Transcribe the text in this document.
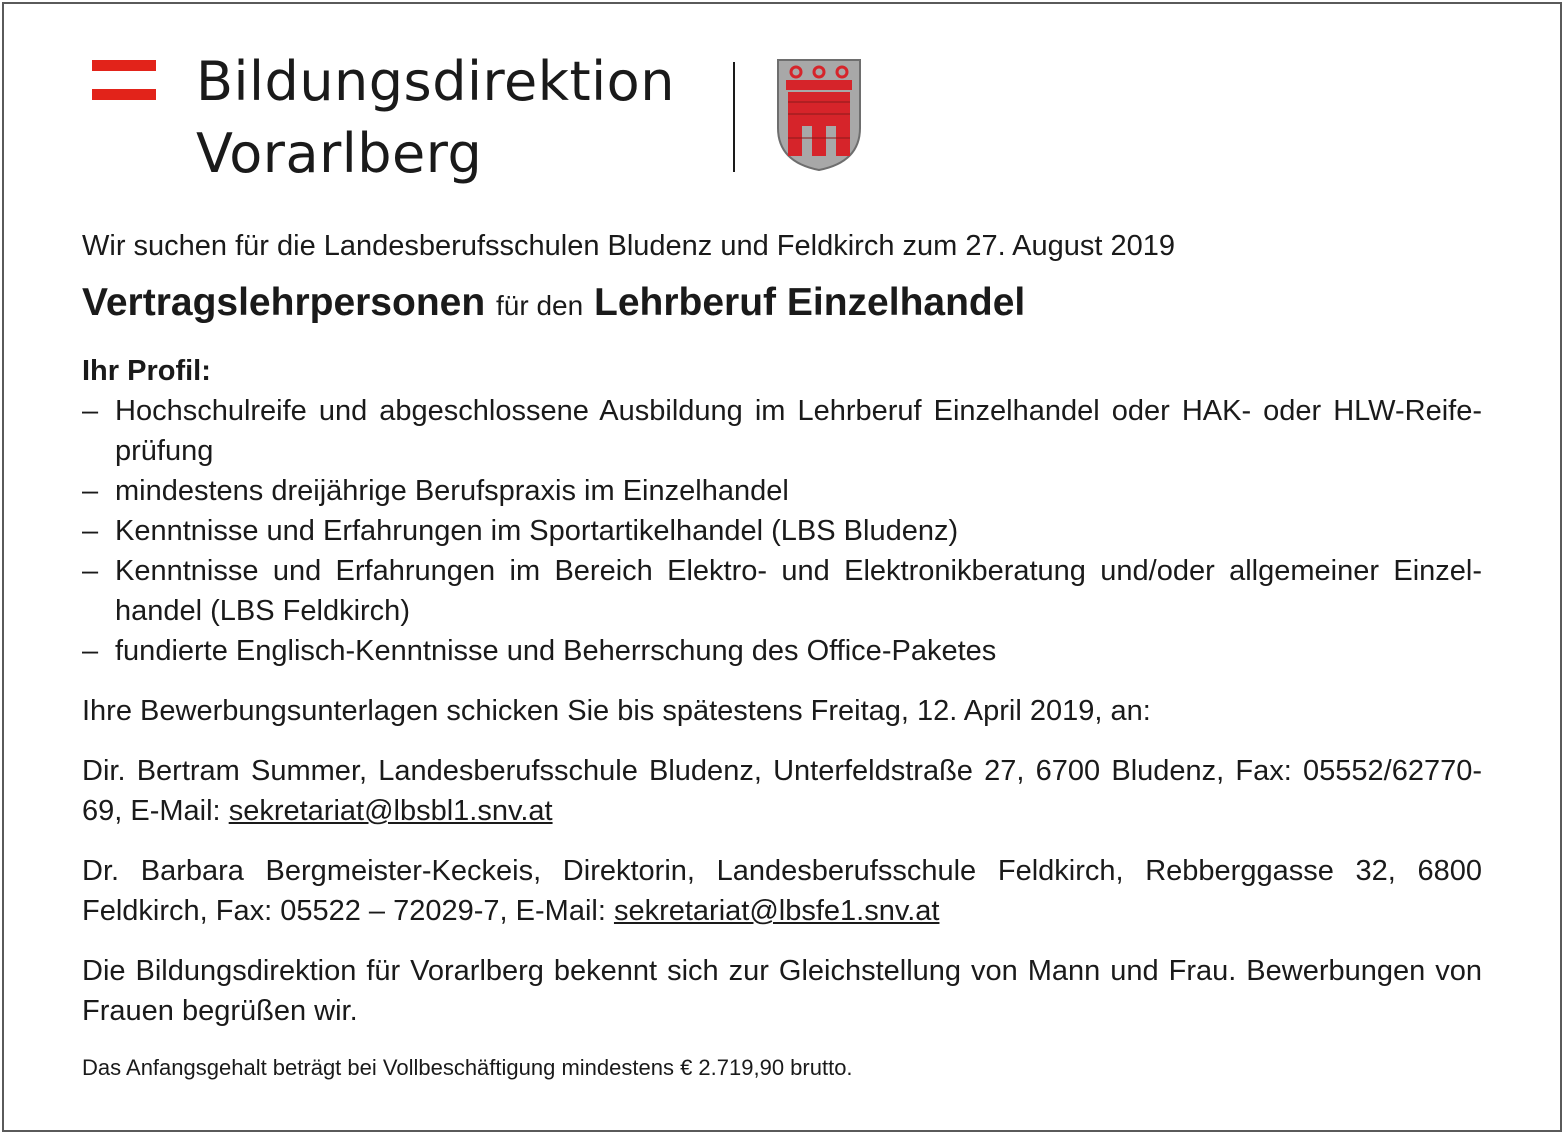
Bildungsdirektion
Vorarlberg

Wir suchen für die Landesberufsschulen Bludenz und Feldkirch zum 27. August 2019

Vertragslehrpersonen für den Lehrberuf Einzelhandel

Ihr Profil:
– Hochschulreife und abgeschlossene Ausbildung im Lehrberuf Einzelhandel oder HAK- oder HLW-Reife-prüfung
– mindestens dreijährige Berufspraxis im Einzelhandel
– Kenntnisse und Erfahrungen im Sportartikelhandel (LBS Bludenz)
– Kenntnisse und Erfahrungen im Bereich Elektro- und Elektronikberatung und/oder allgemeiner Einzel-handel (LBS Feldkirch)
– fundierte Englisch-Kenntnisse und Beherrschung des Office-Paketes

Ihre Bewerbungsunterlagen schicken Sie bis spätestens Freitag, 12. April 2019, an:

Dir. Bertram Summer, Landesberufsschule Bludenz, Unterfeldstraße 27, 6700 Bludenz, Fax: 05552/62770-69, E-Mail: sekretariat@lbsbl1.snv.at

Dr. Barbara Bergmeister-Keckeis, Direktorin, Landesberufsschule Feldkirch, Rebberggasse 32, 6800 Feldkirch, Fax: 05522 – 72029-7, E-Mail: sekretariat@lbsfe1.snv.at

Die Bildungsdirektion für Vorarlberg bekennt sich zur Gleichstellung von Mann und Frau. Bewerbungen von Frauen begrüßen wir.

Das Anfangsgehalt beträgt bei Vollbeschäftigung mindestens € 2.719,90 brutto.
